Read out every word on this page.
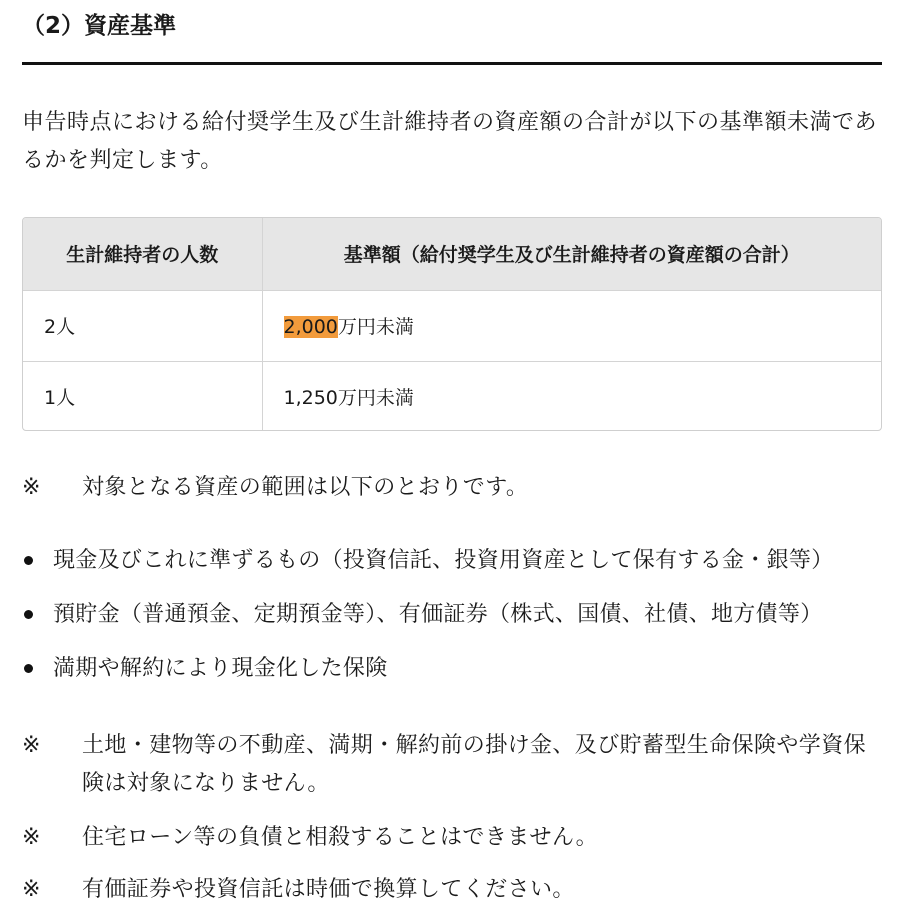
（2）資産基準

申告時点における給付奨学生及び生計維持者の資産額の合計が以下の基準額未満であるかを判定します。

生計維持者の人数	基準額（給付奨学生及び生計維持者の資産額の合計）
2人	2,000万円未満
1人	1,250万円未満
※ 対象となる資産の範囲は以下のとおりです。
現金及びこれに準ずるもの（投資信託、投資用資産として保有する金・銀等）
預貯金（普通預金、定期預金等）、有価証券（株式、国債、社債、地方債等）
満期や解約により現金化した保険
※ 土地・建物等の不動産、満期・解約前の掛け金、及び貯蓄型生命保険や学資保険は対象になりません。
※ 住宅ローン等の負債と相殺することはできません。
※ 有価証券や投資信託は時価で換算してください。
